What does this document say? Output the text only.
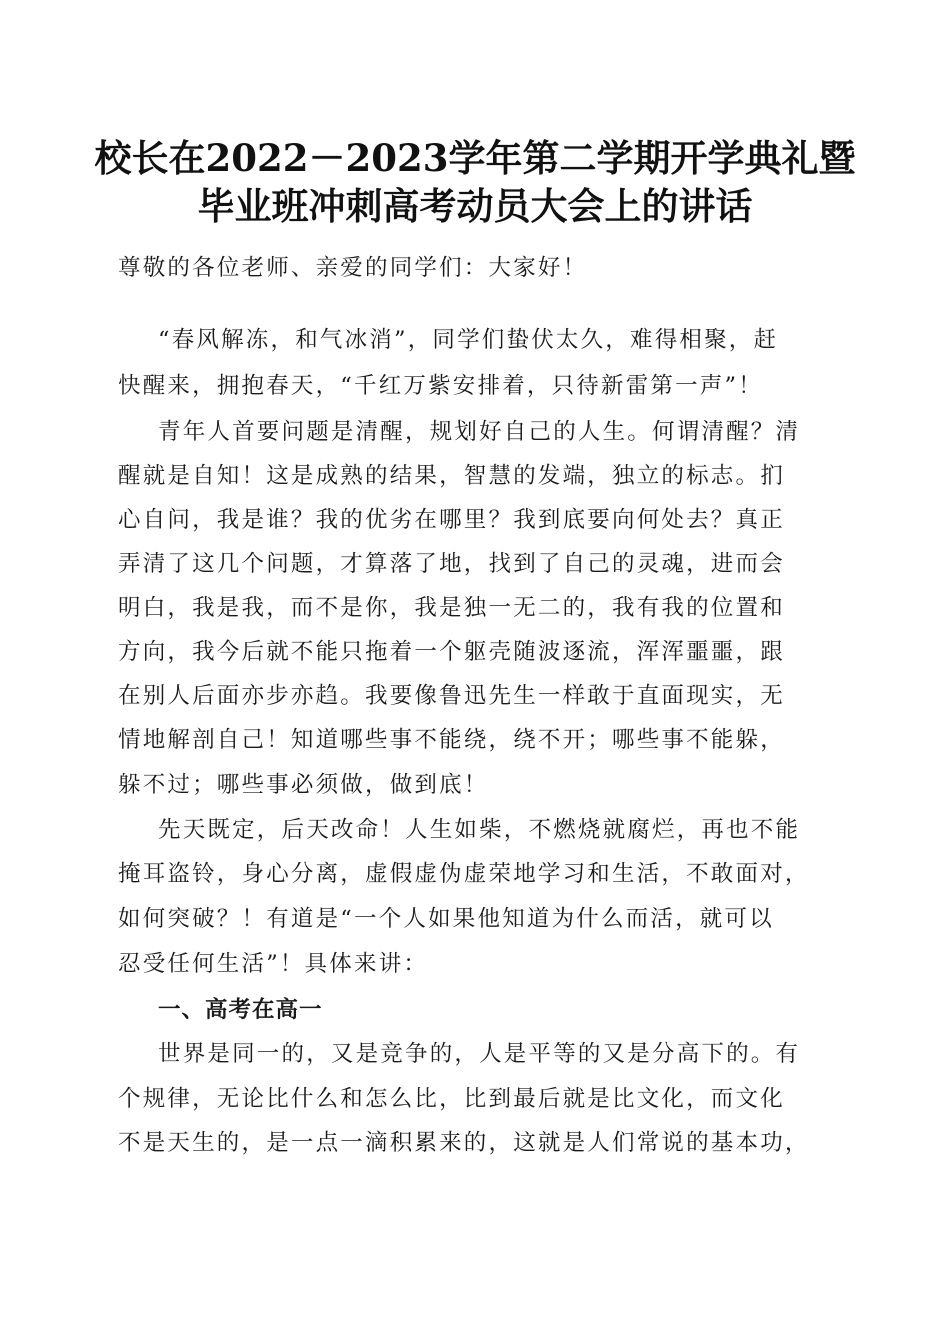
校长在2022－2023学年第二学期开学典礼暨
毕业班冲刺高考动员大会上的讲话
尊敬的各位老师、亲爱的同学们：大家好！
“春风解冻，和气冰消”，同学们蛰伏太久，难得相聚，赶
快醒来，拥抱春天，“千红万紫安排着，只待新雷第一声”！
青年人首要问题是清醒，规划好自己的人生。何谓清醒？清
醒就是自知！这是成熟的结果，智慧的发端，独立的标志。扪
心自问，我是谁？我的优劣在哪里？我到底要向何处去？真正
弄清了这几个问题，才算落了地，找到了自己的灵魂，进而会
明白，我是我，而不是你，我是独一无二的，我有我的位置和
方向，我今后就不能只拖着一个躯壳随波逐流，浑浑噩噩，跟
在别人后面亦步亦趋。我要像鲁迅先生一样敢于直面现实，无
情地解剖自己！知道哪些事不能绕，绕不开；哪些事不能躲，
躲不过；哪些事必须做，做到底！
先天既定，后天改命！人生如柴，不燃烧就腐烂，再也不能
掩耳盗铃，身心分离，虚假虚伪虚荣地学习和生活，不敢面对，
如何突破？！有道是“一个人如果他知道为什么而活，就可以
忍受任何生活”！具体来讲：
一、高考在高一
世界是同一的，又是竞争的，人是平等的又是分高下的。有
个规律，无论比什么和怎么比，比到最后就是比文化，而文化
不是天生的，是一点一滴积累来的，这就是人们常说的基本功，
